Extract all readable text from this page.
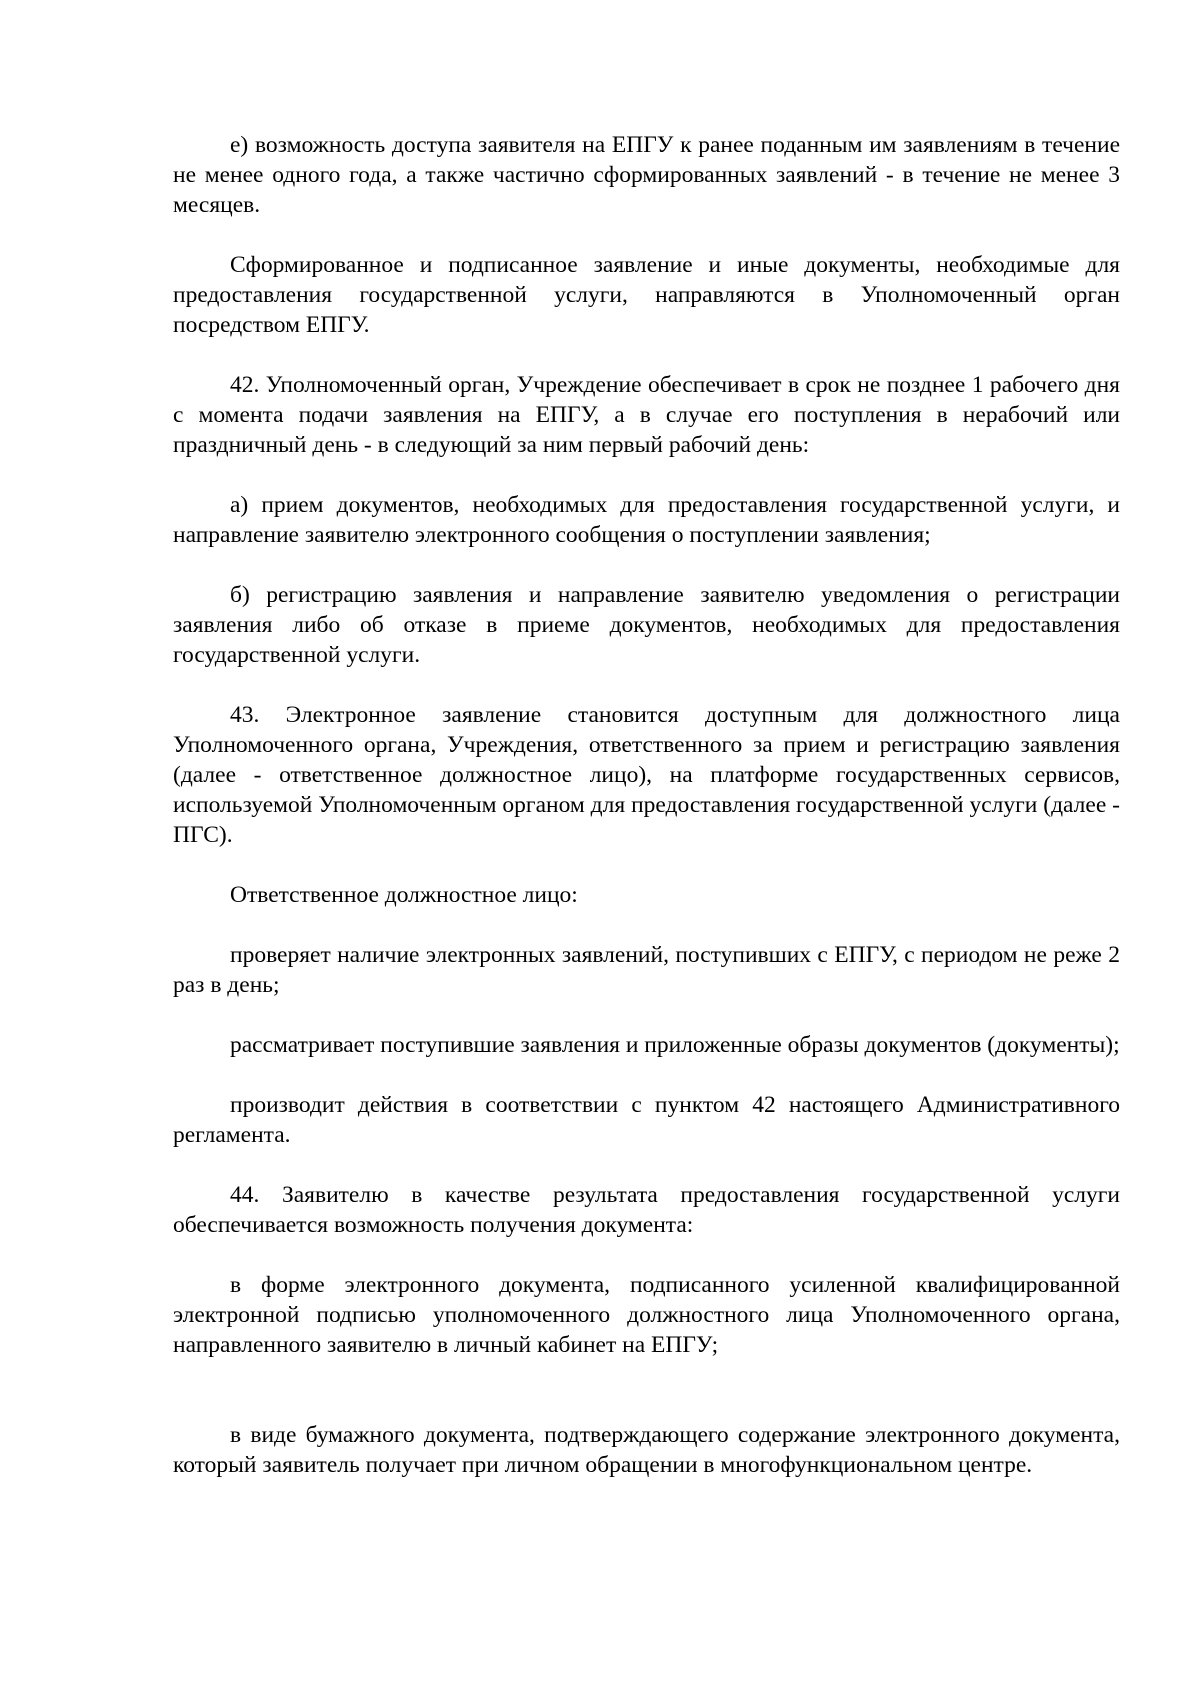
е) возможность доступа заявителя на ЕПГУ к ранее поданным им заявлениям в течение не менее одного года, а также частично сформированных заявлений - в течение не менее 3 месяцев.

Сформированное и подписанное заявление и иные документы, необходимые для предоставления государственной услуги, направляются в Уполномоченный орган посредством ЕПГУ.

42. Уполномоченный орган, Учреждение обеспечивает в срок не позднее 1 рабочего дня с момента подачи заявления на ЕПГУ, а в случае его поступления в нерабочий или праздничный день - в следующий за ним первый рабочий день:

а) прием документов, необходимых для предоставления государственной услуги, и направление заявителю электронного сообщения о поступлении заявления;

б) регистрацию заявления и направление заявителю уведомления о регистрации заявления либо об отказе в приеме документов, необходимых для предоставления государственной услуги.

43. Электронное заявление становится доступным для должностного лица Уполномоченного органа, Учреждения, ответственного за прием и регистрацию заявления (далее - ответственное должностное лицо), на платформе государственных сервисов, используемой Уполномоченным органом для предоставления государственной услуги (далее - ПГС).

Ответственное должностное лицо:

проверяет наличие электронных заявлений, поступивших с ЕПГУ, с периодом не реже 2 раз в день;

рассматривает поступившие заявления и приложенные образы документов (документы);

производит действия в соответствии с пунктом 42 настоящего Административного регламента.

44. Заявителю в качестве результата предоставления государственной услуги обеспечивается возможность получения документа:

в форме электронного документа, подписанного усиленной квалифицированной электронной подписью уполномоченного должностного лица Уполномоченного органа, направленного заявителю в личный кабинет на ЕПГУ;

в виде бумажного документа, подтверждающего содержание электронного документа, который заявитель получает при личном обращении в многофункциональном центре.
